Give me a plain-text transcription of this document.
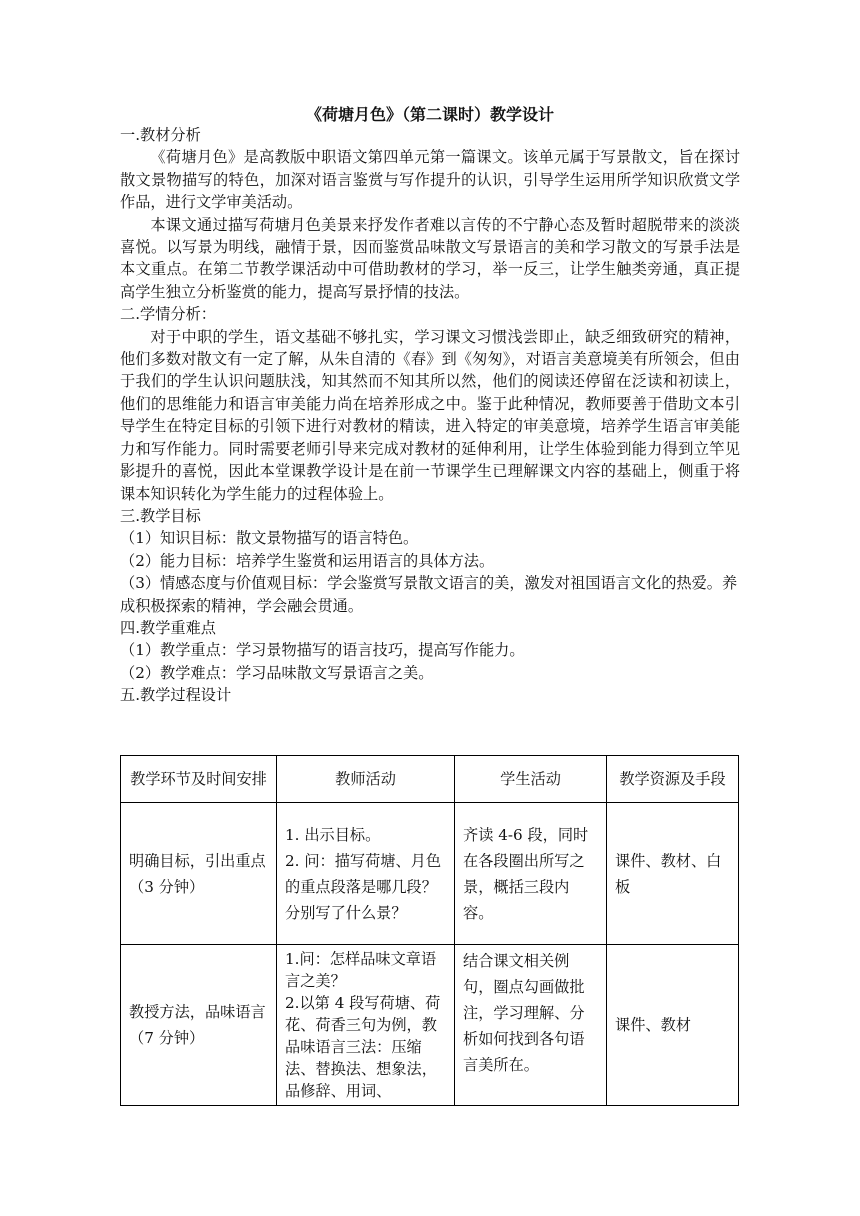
《荷塘月色》（第二课时）教学设计
一.教材分析
《荷塘月色》是高教版中职语文第四单元第一篇课文。该单元属于写景散文，旨在探讨散文景物描写的特色，加深对语言鉴赏与写作提升的认识，引导学生运用所学知识欣赏文学作品，进行文学审美活动。
本课文通过描写荷塘月色美景来抒发作者难以言传的不宁静心态及暂时超脱带来的淡淡喜悦。以写景为明线，融情于景，因而鉴赏品味散文写景语言的美和学习散文的写景手法是本文重点。在第二节教学课活动中可借助教材的学习，举一反三，让学生触类旁通，真正提高学生独立分析鉴赏的能力，提高写景抒情的技法。
二.学情分析：
对于中职的学生，语文基础不够扎实，学习课文习惯浅尝即止，缺乏细致研究的精神，他们多数对散文有一定了解，从朱自清的《春》到《匆匆》，对语言美意境美有所领会，但由于我们的学生认识问题肤浅，知其然而不知其所以然，他们的阅读还停留在泛读和初读上，他们的思维能力和语言审美能力尚在培养形成之中。鉴于此种情况，教师要善于借助文本引导学生在特定目标的引领下进行对教材的精读，进入特定的审美意境，培养学生语言审美能力和写作能力。同时需要老师引导来完成对教材的延伸利用，让学生体验到能力得到立竿见影提升的喜悦，因此本堂课教学设计是在前一节课学生已理解课文内容的基础上，侧重于将课本知识转化为学生能力的过程体验上。
三.教学目标
（1）知识目标：散文景物描写的语言特色。
（2）能力目标：培养学生鉴赏和运用语言的具体方法。
（3）情感态度与价值观目标：学会鉴赏写景散文语言的美，激发对祖国语言文化的热爱。养成积极探索的精神，学会融会贯通。
四.教学重难点
（1）教学重点：学习景物描写的语言技巧，提高写作能力。
（2）教学难点：学习品味散文写景语言之美。
五.教学过程设计
教学环节及时间安排	教师活动	学生活动	教学资源及手段
明确目标，引出重点（3 分钟）	1. 出示目标。
2. 问：描写荷塘、月色的重点段落是哪几段？分别写了什么景？	齐读 4-6 段，同时在各段圈出所写之景，概括三段内容。	课件、教材、白板
教授方法，品味语言（7 分钟）	1.问：怎样品味文章语言之美？
2.以第 4 段写荷塘、荷花、荷香三句为例，教品味语言三法：压缩法、替换法、想象法，品修辞、用词、	结合课文相关例句，圈点勾画做批注，学习理解、分析如何找到各句语言美所在。	课件、教材
